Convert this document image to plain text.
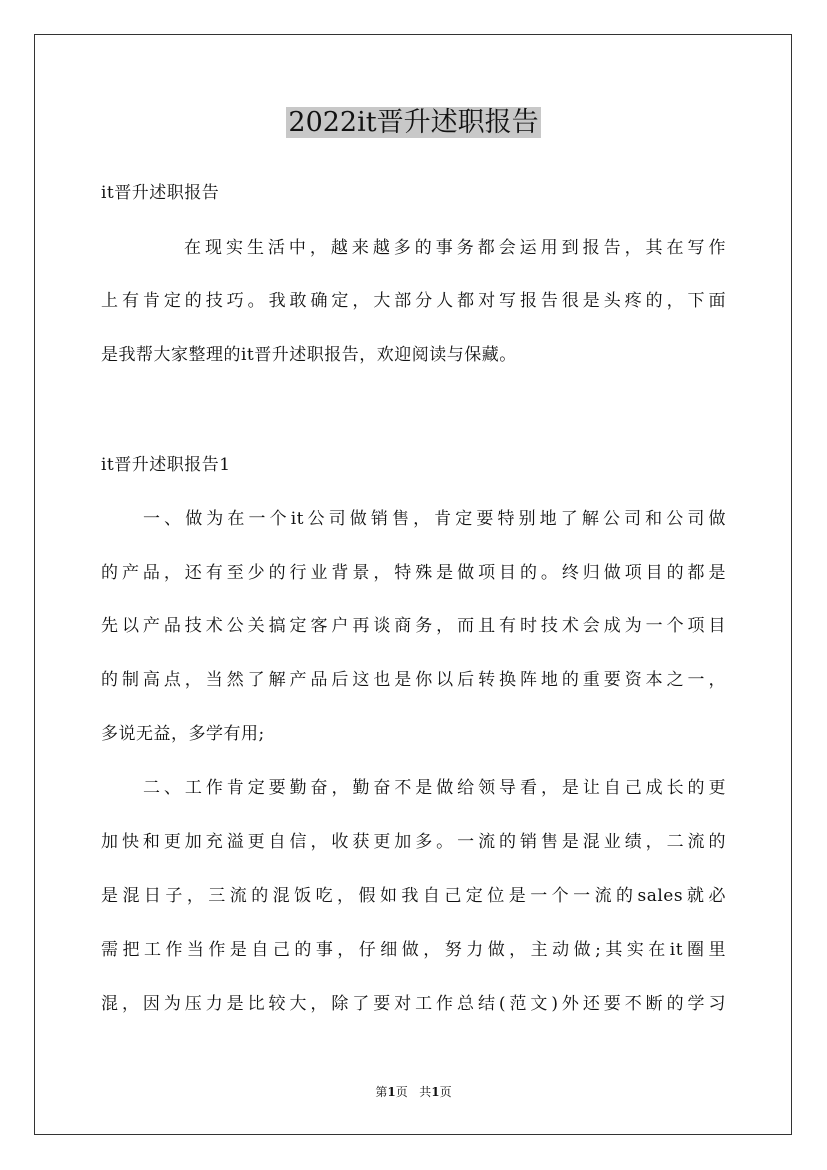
2022it晋升述职报告
it晋升述职报告
在现实生活中，越来越多的事务都会运用到报告，其在写作
上有肯定的技巧。我敢确定，大部分人都对写报告很是头疼的，下面
是我帮大家整理的it晋升述职报告，欢迎阅读与保藏。
it晋升述职报告1
一、做为在一个it公司做销售，肯定要特别地了解公司和公司做
的产品，还有至少的行业背景，特殊是做项目的。终归做项目的都是
先以产品技术公关搞定客户再谈商务，而且有时技术会成为一个项目
的制高点，当然了解产品后这也是你以后转换阵地的重要资本之一，
多说无益，多学有用;
二、工作肯定要勤奋，勤奋不是做给领导看，是让自己成长的更
加快和更加充溢更自信，收获更加多。一流的销售是混业绩，二流的
是混日子，三流的混饭吃，假如我自己定位是一个一流的sales就必
需把工作当作是自己的事，仔细做，努力做，主动做;其实在it圈里
混，因为压力是比较大，除了要对工作总结(范文)外还要不断的学习
第1页 共1页
